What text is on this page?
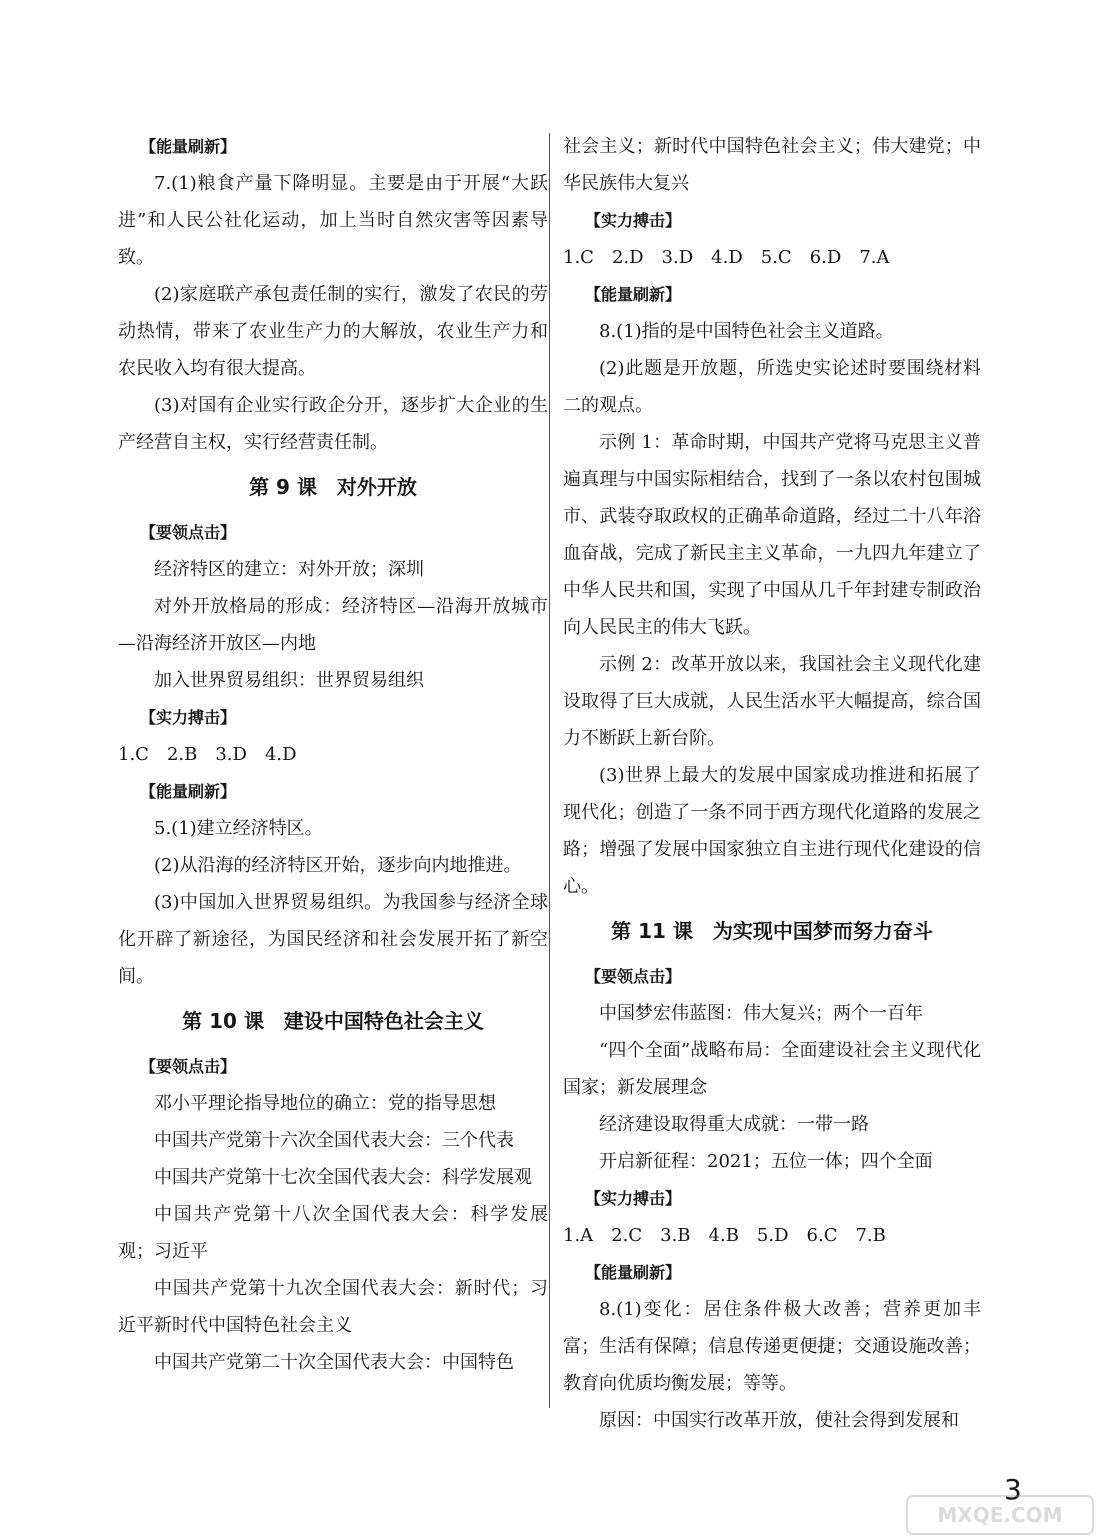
【能量刷新】
7.(1)粮食产量下降明显。主要是由于开展“大跃进”和人民公社化运动，加上当时自然灾害等因素导致。
(2)家庭联产承包责任制的实行，激发了农民的劳动热情，带来了农业生产力的大解放，农业生产力和农民收入均有很大提高。
(3)对国有企业实行政企分开，逐步扩大企业的生产经营自主权，实行经营责任制。
第 9 课　对外开放
【要领点击】
经济特区的建立：对外开放；深圳
对外开放格局的形成：经济特区—沿海开放城市—沿海经济开放区—内地
加入世界贸易组织：世界贸易组织
【实力搏击】
1.C　2.B　3.D　4.D
【能量刷新】
5.(1)建立经济特区。
(2)从沿海的经济特区开始，逐步向内地推进。
(3)中国加入世界贸易组织。为我国参与经济全球化开辟了新途径，为国民经济和社会发展开拓了新空间。
第 10 课　建设中国特色社会主义
【要领点击】
邓小平理论指导地位的确立：党的指导思想
中国共产党第十六次全国代表大会：三个代表
中国共产党第十七次全国代表大会：科学发展观
中国共产党第十八次全国代表大会：科学发展观；习近平
中国共产党第十九次全国代表大会：新时代；习近平新时代中国特色社会主义
中国共产党第二十次全国代表大会：中国特色
社会主义；新时代中国特色社会主义；伟大建党；中华民族伟大复兴
【实力搏击】
1.C　2.D　3.D　4.D　5.C　6.D　7.A
【能量刷新】
8.(1)指的是中国特色社会主义道路。
(2)此题是开放题，所选史实论述时要围绕材料二的观点。
示例 1：革命时期，中国共产党将马克思主义普遍真理与中国实际相结合，找到了一条以农村包围城市、武装夺取政权的正确革命道路，经过二十八年浴血奋战，完成了新民主主义革命，一九四九年建立了中华人民共和国，实现了中国从几千年封建专制政治向人民民主的伟大飞跃。
示例 2：改革开放以来，我国社会主义现代化建设取得了巨大成就，人民生活水平大幅提高，综合国力不断跃上新台阶。
(3)世界上最大的发展中国家成功推进和拓展了现代化；创造了一条不同于西方现代化道路的发展之路；增强了发展中国家独立自主进行现代化建设的信心。
第 11 课　为实现中国梦而努力奋斗
【要领点击】
中国梦宏伟蓝图：伟大复兴；两个一百年
“四个全面”战略布局：全面建设社会主义现代化国家；新发展理念
经济建设取得重大成就：一带一路
开启新征程：2021；五位一体；四个全面
【实力搏击】
1.A　2.C　3.B　4.B　5.D　6.C　7.B
【能量刷新】
8.(1)变化：居住条件极大改善；营养更加丰富；生活有保障；信息传递更便捷；交通设施改善；教育向优质均衡发展；等等。
原因：中国实行改革开放，使社会得到发展和
3
MXQE.COM
